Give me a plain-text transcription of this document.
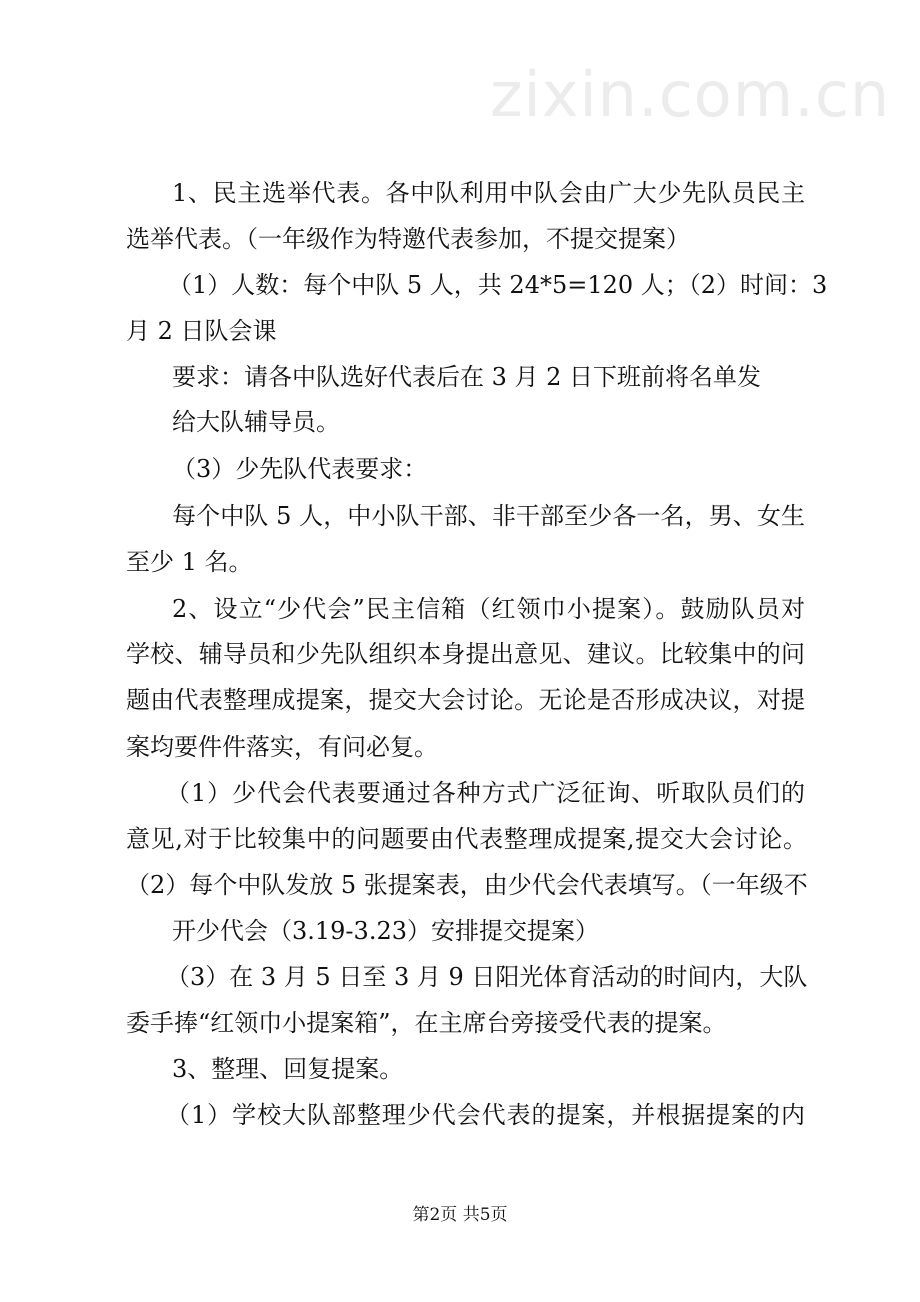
zixin.com.cn
1、民主选举代表。各中队利用中队会由广大少先队员民主
选举代表。（一年级作为特邀代表参加，不提交提案）
（1）人数：每个中队 5 人，共 24*5=120 人；（2）时间：3
月 2 日队会课
要求：请各中队选好代表后在 3 月 2 日下班前将名单发
给大队辅导员。
（3）少先队代表要求：
每个中队 5 人，中小队干部、非干部至少各一名，男、女生
至少 1 名。
2、设立“少代会”民主信箱（红领巾小提案）。鼓励队员对
学校、辅导员和少先队组织本身提出意见、建议。比较集中的问
题由代表整理成提案，提交大会讨论。无论是否形成决议，对提
案均要件件落实，有问必复。
（1）少代会代表要通过各种方式广泛征询、听取队员们的
意见,对于比较集中的问题要由代表整理成提案,提交大会讨论。
（2）每个中队发放 5 张提案表，由少代会代表填写。（一年级不
开少代会（3.19-3.23）安排提交提案）
（3）在 3 月 5 日至 3 月 9 日阳光体育活动的时间内，大队
委手捧“红领巾小提案箱”，在主席台旁接受代表的提案。
3、整理、回复提案。
（1）学校大队部整理少代会代表的提案，并根据提案的内
第2页 共5页
